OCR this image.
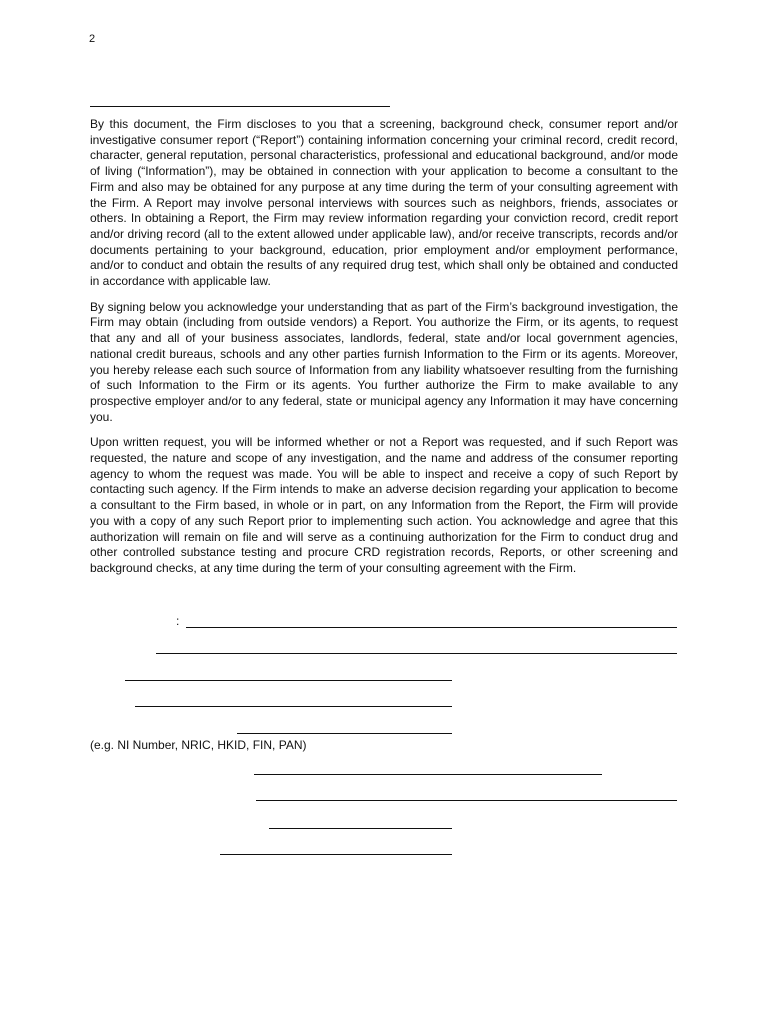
2

By this document, the Firm discloses to you that a screening, background check, consumer report and/or investigative consumer report (“Report”) containing information concerning your criminal record, credit record, character, general reputation, personal characteristics, professional and educational background, and/or mode of living (“Information”), may be obtained in connection with your application to become a consultant to the Firm and also may be obtained for any purpose at any time during the term of your consulting agreement with the Firm. A Report may involve personal interviews with sources such as neighbors, friends, associates or others. In obtaining a Report, the Firm may review information regarding your conviction record, credit report and/or driving record (all to the extent allowed under applicable law), and/or receive transcripts, records and/or documents pertaining to your background, education, prior employment and/or employment performance, and/or to conduct and obtain the results of any required drug test, which shall only be obtained and conducted in accordance with applicable law.

By signing below you acknowledge your understanding that as part of the Firm’s background investigation, the Firm may obtain (including from outside vendors) a Report. You authorize the Firm, or its agents, to request that any and all of your business associates, landlords, federal, state and/or local government agencies, national credit bureaus, schools and any other parties furnish Information to the Firm or its agents. Moreover, you hereby release each such source of Information from any liability whatsoever resulting from the furnishing of such Information to the Firm or its agents. You further authorize the Firm to make available to any prospective employer and/or to any federal, state or municipal agency any Information it may have concerning you.

Upon written request, you will be informed whether or not a Report was requested, and if such Report was requested, the nature and scope of any investigation, and the name and address of the consumer reporting agency to whom the request was made. You will be able to inspect and receive a copy of such Report by contacting such agency. If the Firm intends to make an adverse decision regarding your application to become a consultant to the Firm based, in whole or in part, on any Information from the Report, the Firm will provide you with a copy of any such Report prior to implementing such action. You acknowledge and agree that this authorization will remain on file and will serve as a continuing authorization for the Firm to conduct drug and other controlled substance testing and procure CRD registration records, Reports, or other screening and background checks, at any time during the term of your consulting agreement with the Firm.

:
(e.g. NI Number, NRIC, HKID, FIN, PAN)
